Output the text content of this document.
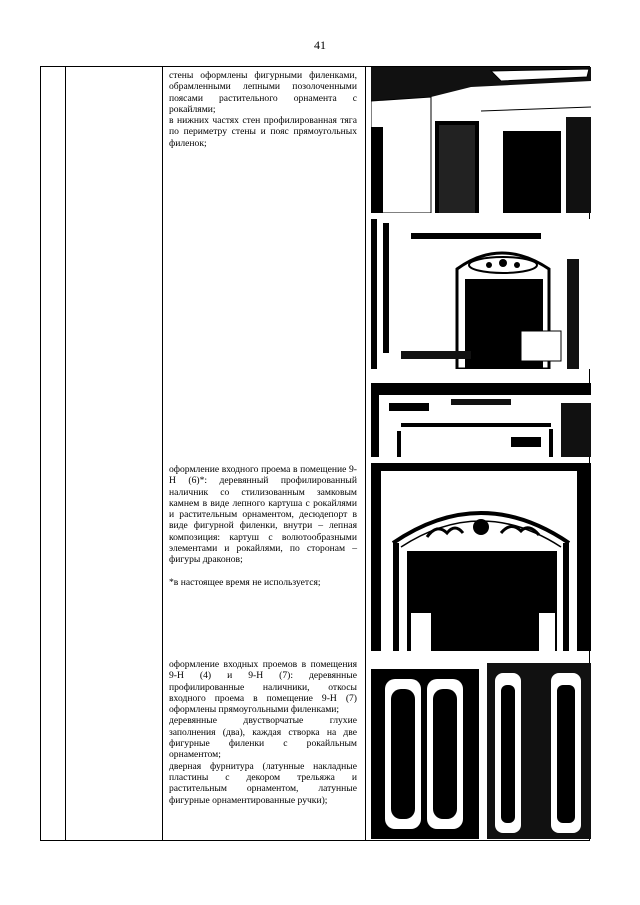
41

стены оформлены фигурными филенками, обрамленными лепными позолоченными поясами растительного орнамента с рокайлями;

в нижних частях стен профилированная тяга по периметру стены и пояс прямоугольных филенок;

оформление входного проема в помещение 9-Н (6)*: деревянный профилированный наличник со стилизованным замковым камнем в виде лепного картуша с рокайлями и растительным орнаментом, десюдепорт в виде фигурной филенки, внутри – лепная композиция: картуш с волютообразными элементами и рокайлями, по сторонам – фигуры драконов;

*в настоящее время не используется;

оформление входных проемов в помещения 9-Н (4) и 9-Н (7): деревянные профилированные наличники, откосы входного проема в помещение 9-Н (7) оформлены прямоугольными филенками;

деревянные двустворчатые глухие заполнения (два), каждая створка на две фигурные филенки с рокайльным орнаментом;

дверная фурнитура (латунные накладные пластины с декором трельяжа и растительным орнаментом, латунные фигурные орнаментированные ручки);
